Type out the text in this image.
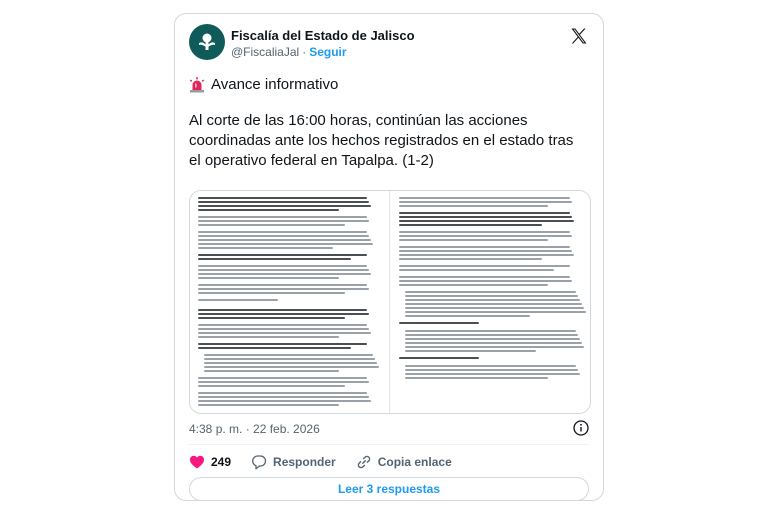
Fiscalía del Estado de Jalisco
@FiscaliaJal · Seguir
Avance informativo
Al corte de las 16:00 horas, continúan las acciones coordinadas ante los hechos registrados en el estado tras el operativo federal en Tapalpa. (1-2)
4:38 p. m. · 22 feb. 2026
249	Responder	Copia enlace
Leer 3 respuestas
